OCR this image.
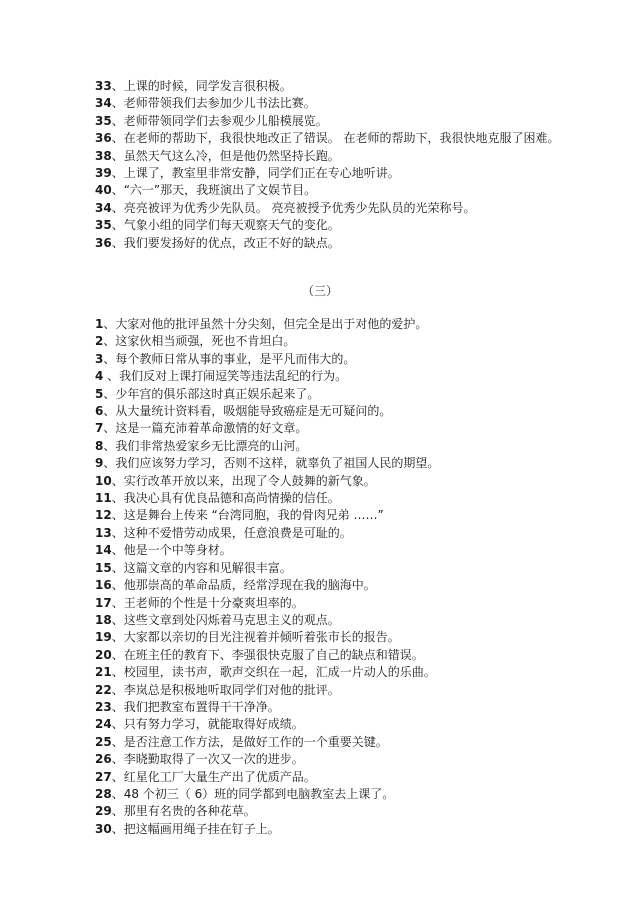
33、上课的时候，同学发言很积极。
34、老师带领我们去参加少儿书法比赛。
35、老师带领同学们去参观少儿船模展览。
36、在老师的帮助下，我很快地改正了错误。 在老师的帮助下，我很快地克服了困难。
38、虽然天气这么冷，但是他仍然坚持长跑。
39、上课了，教室里非常安静，同学们正在专心地听讲。
40、“六一”那天，我班演出了文娱节目。
34、亮亮被评为优秀少先队员。 亮亮被授予优秀少先队员的光荣称号。
35、气象小组的同学们每天观察天气的变化。
36、我们要发扬好的优点，改正不好的缺点。
（三）
1、大家对他的批评虽然十分尖刻，但完全是出于对他的爱护。
2、这家伙相当顽强，死也不肯坦白。
3、每个教师日常从事的事业，是平凡而伟大的。
4 、我们反对上课打闹逗笑等违法乱纪的行为。
5、少年宫的俱乐部这时真正娱乐起来了。
6、从大量统计资料看，吸烟能导致癌症是无可疑问的。
7、这是一篇充沛着革命激情的好文章。
8、我们非常热爱家乡无比漂亮的山河。
9、我们应该努力学习，否则不这样，就辜负了祖国人民的期望。
10、实行改革开放以来，出现了令人鼓舞的新气象。
11、我决心具有优良品德和高尚情操的信任。
12、这是舞台上传来 “台湾同胞，我的骨肉兄弟 ……”
13、这种不爱惜劳动成果，任意浪费是可耻的。
14、他是一个中等身材。
15、这篇文章的内容和见解很丰富。
16、他那崇高的革命品质，经常浮现在我的脑海中。
17、王老师的个性是十分豪爽坦率的。
18、这些文章到处闪烁着马克思主义的观点。
19、大家都以亲切的目光注视着并倾听着张市长的报告。
20、在班主任的教育下、李强很快克服了自己的缺点和错误。
21、校园里，读书声，歌声交织在一起，汇成一片动人的乐曲。
22、李岚总是积极地听取同学们对他的批评。
23、我们把教室布置得干干净净。
24、只有努力学习，就能取得好成绩。
25、是否注意工作方法，是做好工作的一个重要关键。
26、李晓勤取得了一次又一次的进步。
27、红星化工厂大量生产出了优质产品。
28、48 个初三（ 6）班的同学都到电脑教室去上课了。
29、那里有名贵的各种花草。
30、把这幅画用绳子挂在钉子上。
